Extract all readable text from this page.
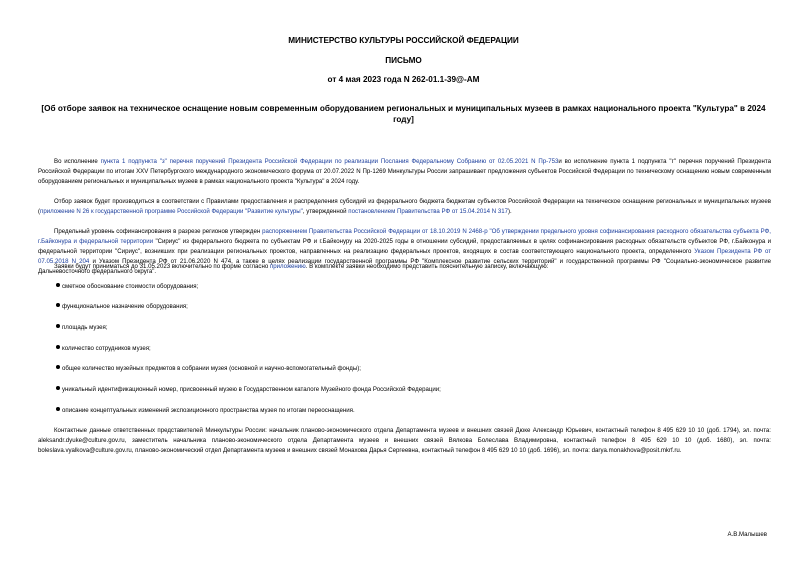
МИНИСТЕРСТВО КУЛЬТУРЫ РОССИЙСКОЙ ФЕДЕРАЦИИ
ПИСЬМО
от 4 мая 2023 года N 262-01.1-39@-АМ
[Об отборе заявок на техническое оснащение новым современным оборудованием региональных и муниципальных музеев в рамках национального проекта "Культура" в 2024 году]
Во исполнение пункта 1 подпункта "з" перечня поручений Президента Российской Федерации по реализации Послания Федеральному Собранию от 02.05.2021 N Пр-753и во исполнение пункта 1 подпункта "г" перечня поручений Президента Российской Федерации по итогам XXV Петербургского международного экономического форума от 20.07.2022 N Пр-1269 Минкультуры России запрашивает предложения субъектов Российской Федерации по техническому оснащению новым современным оборудованием региональных и муниципальных музеев в рамках национального проекта "Культура" в 2024 году.
Отбор заявок будет производиться в соответствии с Правилами предоставления и распределения субсидий из федерального бюджета бюджетам субъектов Российской Федерации на техническое оснащение региональных и муниципальных музеев (приложение N 26 к государственной программе Российской Федерации "Развитие культуры", утвержденной постановлением Правительства РФ от 15.04.2014 N 317).
Предельный уровень софинансирования в разрезе регионов утвержден распоряжением Правительства Российской Федерации от 18.10.2019 N 2468-р "Об утверждении предельного уровня софинансирования расходного обязательства субъекта РФ, г.Байконура и федеральной территории "Сириус" из федерального бюджета по субъектам РФ и г.Байконуру на 2020-2025 годы в отношении субсидий, предоставляемых в целях софинансирования расходных обязательств субъектов РФ, г.Байконура и федеральной территории "Сириус", возникших при реализации региональных проектов, направленных на реализацию федеральных проектов, входящих в состав соответствующего национального проекта, определенного Указом Президента РФ от 07.05.2018 N 204 и Указом Президента РФ от 21.06.2020 N 474, а также в целях реализации государственной программы РФ "Комплексное развитие сельских территорий" и государственной программы РФ "Социально-экономическое развитие Дальневосточного федерального округа".
Заявки будут приниматься до 31.05.2023 включительно по форме согласно приложению. В комплекте заявки необходимо представить пояснительную записку, включающую:
сметное обоснование стоимости оборудования;
функциональное назначение оборудования;
площадь музея;
количество сотрудников музея;
общее количество музейных предметов в собрании музея (основной и научно-вспомогательный фонды);
уникальный идентификационный номер, присвоенный музею в Государственном каталоге Музейного фонда Российской Федерации;
описание концептуальных изменений экспозиционного пространства музея по итогам переоснащения.
Контактные данные ответственных представителей Минкультуры России: начальник планово-экономического отдела Департамента музеев и внешних связей Дюке Александр Юрьевич, контактный телефон 8 495 629 10 10 (доб. 1794), эл. почта: aleksandr.dyuke@culture.gov.ru, заместитель начальника планово-экономического отдела Департамента музеев и внешних связей Вялкова Болеслава Владимировна, контактный телефон 8 495 629 10 10 (доб. 1680), эл. почта: boleslava.vyalkova@culture.gov.ru, планово-экономический отдел Департамента музеев и внешних связей Монахова Дарья Сергеевна, контактный телефон 8 495 629 10 10 (доб. 1696), эл. почта: darya.monakhova@posit.mkrf.ru.
А.В.Малышев
